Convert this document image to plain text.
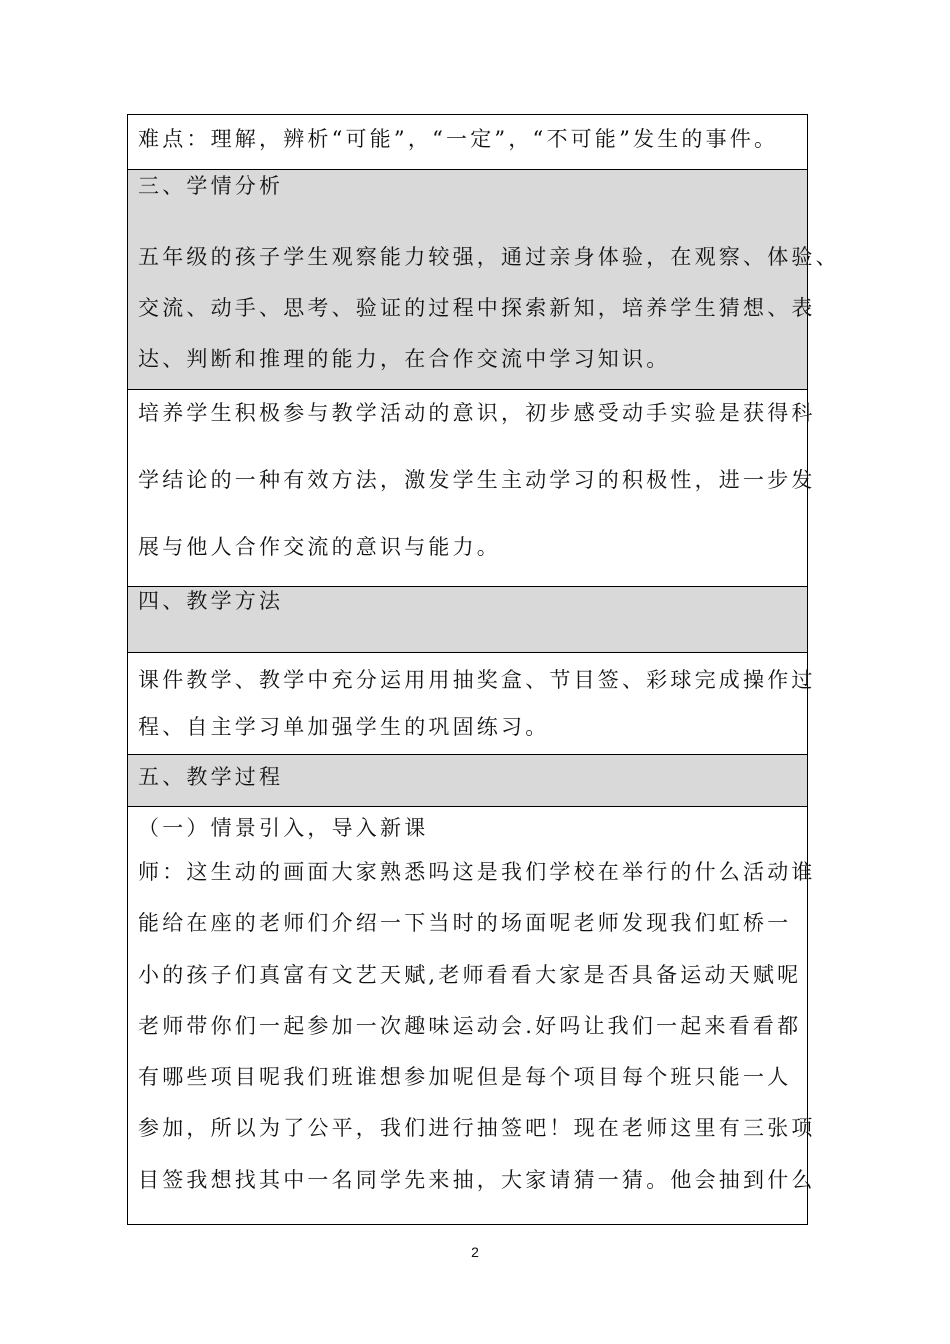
难点：理解，辨析“可能”，“一定”，“不可能”发生的事件。
三、学情分析
五年级的孩子学生观察能力较强，通过亲身体验，在观察、体验、
交流、动手、思考、验证的过程中探索新知，培养学生猜想、表
达、判断和推理的能力，在合作交流中学习知识。
培养学生积极参与教学活动的意识，初步感受动手实验是获得科
学结论的一种有效方法，激发学生主动学习的积极性，进一步发
展与他人合作交流的意识与能力。
四、教学方法
课件教学、教学中充分运用用抽奖盒、节目签、彩球完成操作过
程、自主学习单加强学生的巩固练习。
五、教学过程
（一）情景引入，导入新课
师：这生动的画面大家熟悉吗这是我们学校在举行的什么活动谁
能给在座的老师们介绍一下当时的场面呢老师发现我们虹桥一
小的孩子们真富有文艺天赋,老师看看大家是否具备运动天赋呢
老师带你们一起参加一次趣味运动会.好吗让我们一起来看看都
有哪些项目呢我们班谁想参加呢但是每个项目每个班只能一人
参加，所以为了公平，我们进行抽签吧！现在老师这里有三张项
目签我想找其中一名同学先来抽，大家请猜一猜。他会抽到什么
2
